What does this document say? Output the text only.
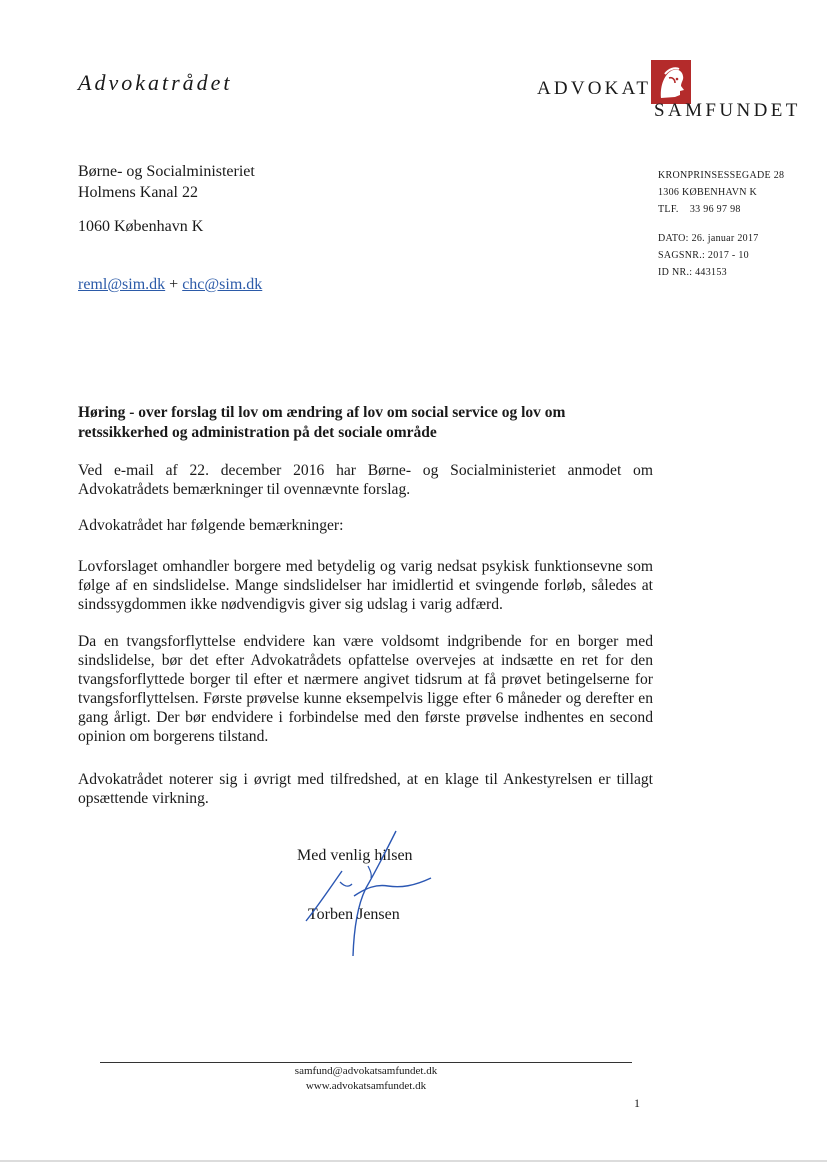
Advokatrådet	ADVOKAT
SAMFUNDET
Børne- og Socialministeriet
Holmens Kanal 22
1060 København K
reml@sim.dk + chc@sim.dk
KRONPRINSESSEGADE 28
1306 KØBENHAVN K
TLF.    33 96 97 98
DATO: 26. januar 2017
SAGSNR.: 2017 - 10
ID NR.: 443153
Høring - over forslag til lov om ændring af lov om social service og lov om retssikkerhed og administration på det sociale område
Ved e-mail af 22. december 2016 har Børne- og Socialministeriet anmodet om Advokatrådets bemærkninger til ovennævnte forslag.
Advokatrådet har følgende bemærkninger:
Lovforslaget omhandler borgere med betydelig og varig nedsat psykisk funktionsevne som følge af en sindslidelse. Mange sindslidelser har imidlertid et svingende forløb, således at sindssygdommen ikke nødvendigvis giver sig udslag i varig adfærd.
Da en tvangsforflyttelse endvidere kan være voldsomt indgribende for en borger med sindslidelse, bør det efter Advokatrådets opfattelse overvejes at indsætte en ret for den tvangsforflyttede borger til efter et nærmere angivet tidsrum at få prøvet betingelserne for tvangsforflyttelsen. Første prøvelse kunne eksempelvis ligge efter 6 måneder og derefter en gang årligt. Der bør endvidere i forbindelse med den første prøvelse indhentes en second opinion om borgerens tilstand.
Advokatrådet noterer sig i øvrigt med tilfredshed, at en klage til Ankestyrelsen er tillagt opsættende virkning.
Med venlig hilsen
Torben Jensen
samfund@advokatsamfundet.dk
www.advokatsamfundet.dk
1
